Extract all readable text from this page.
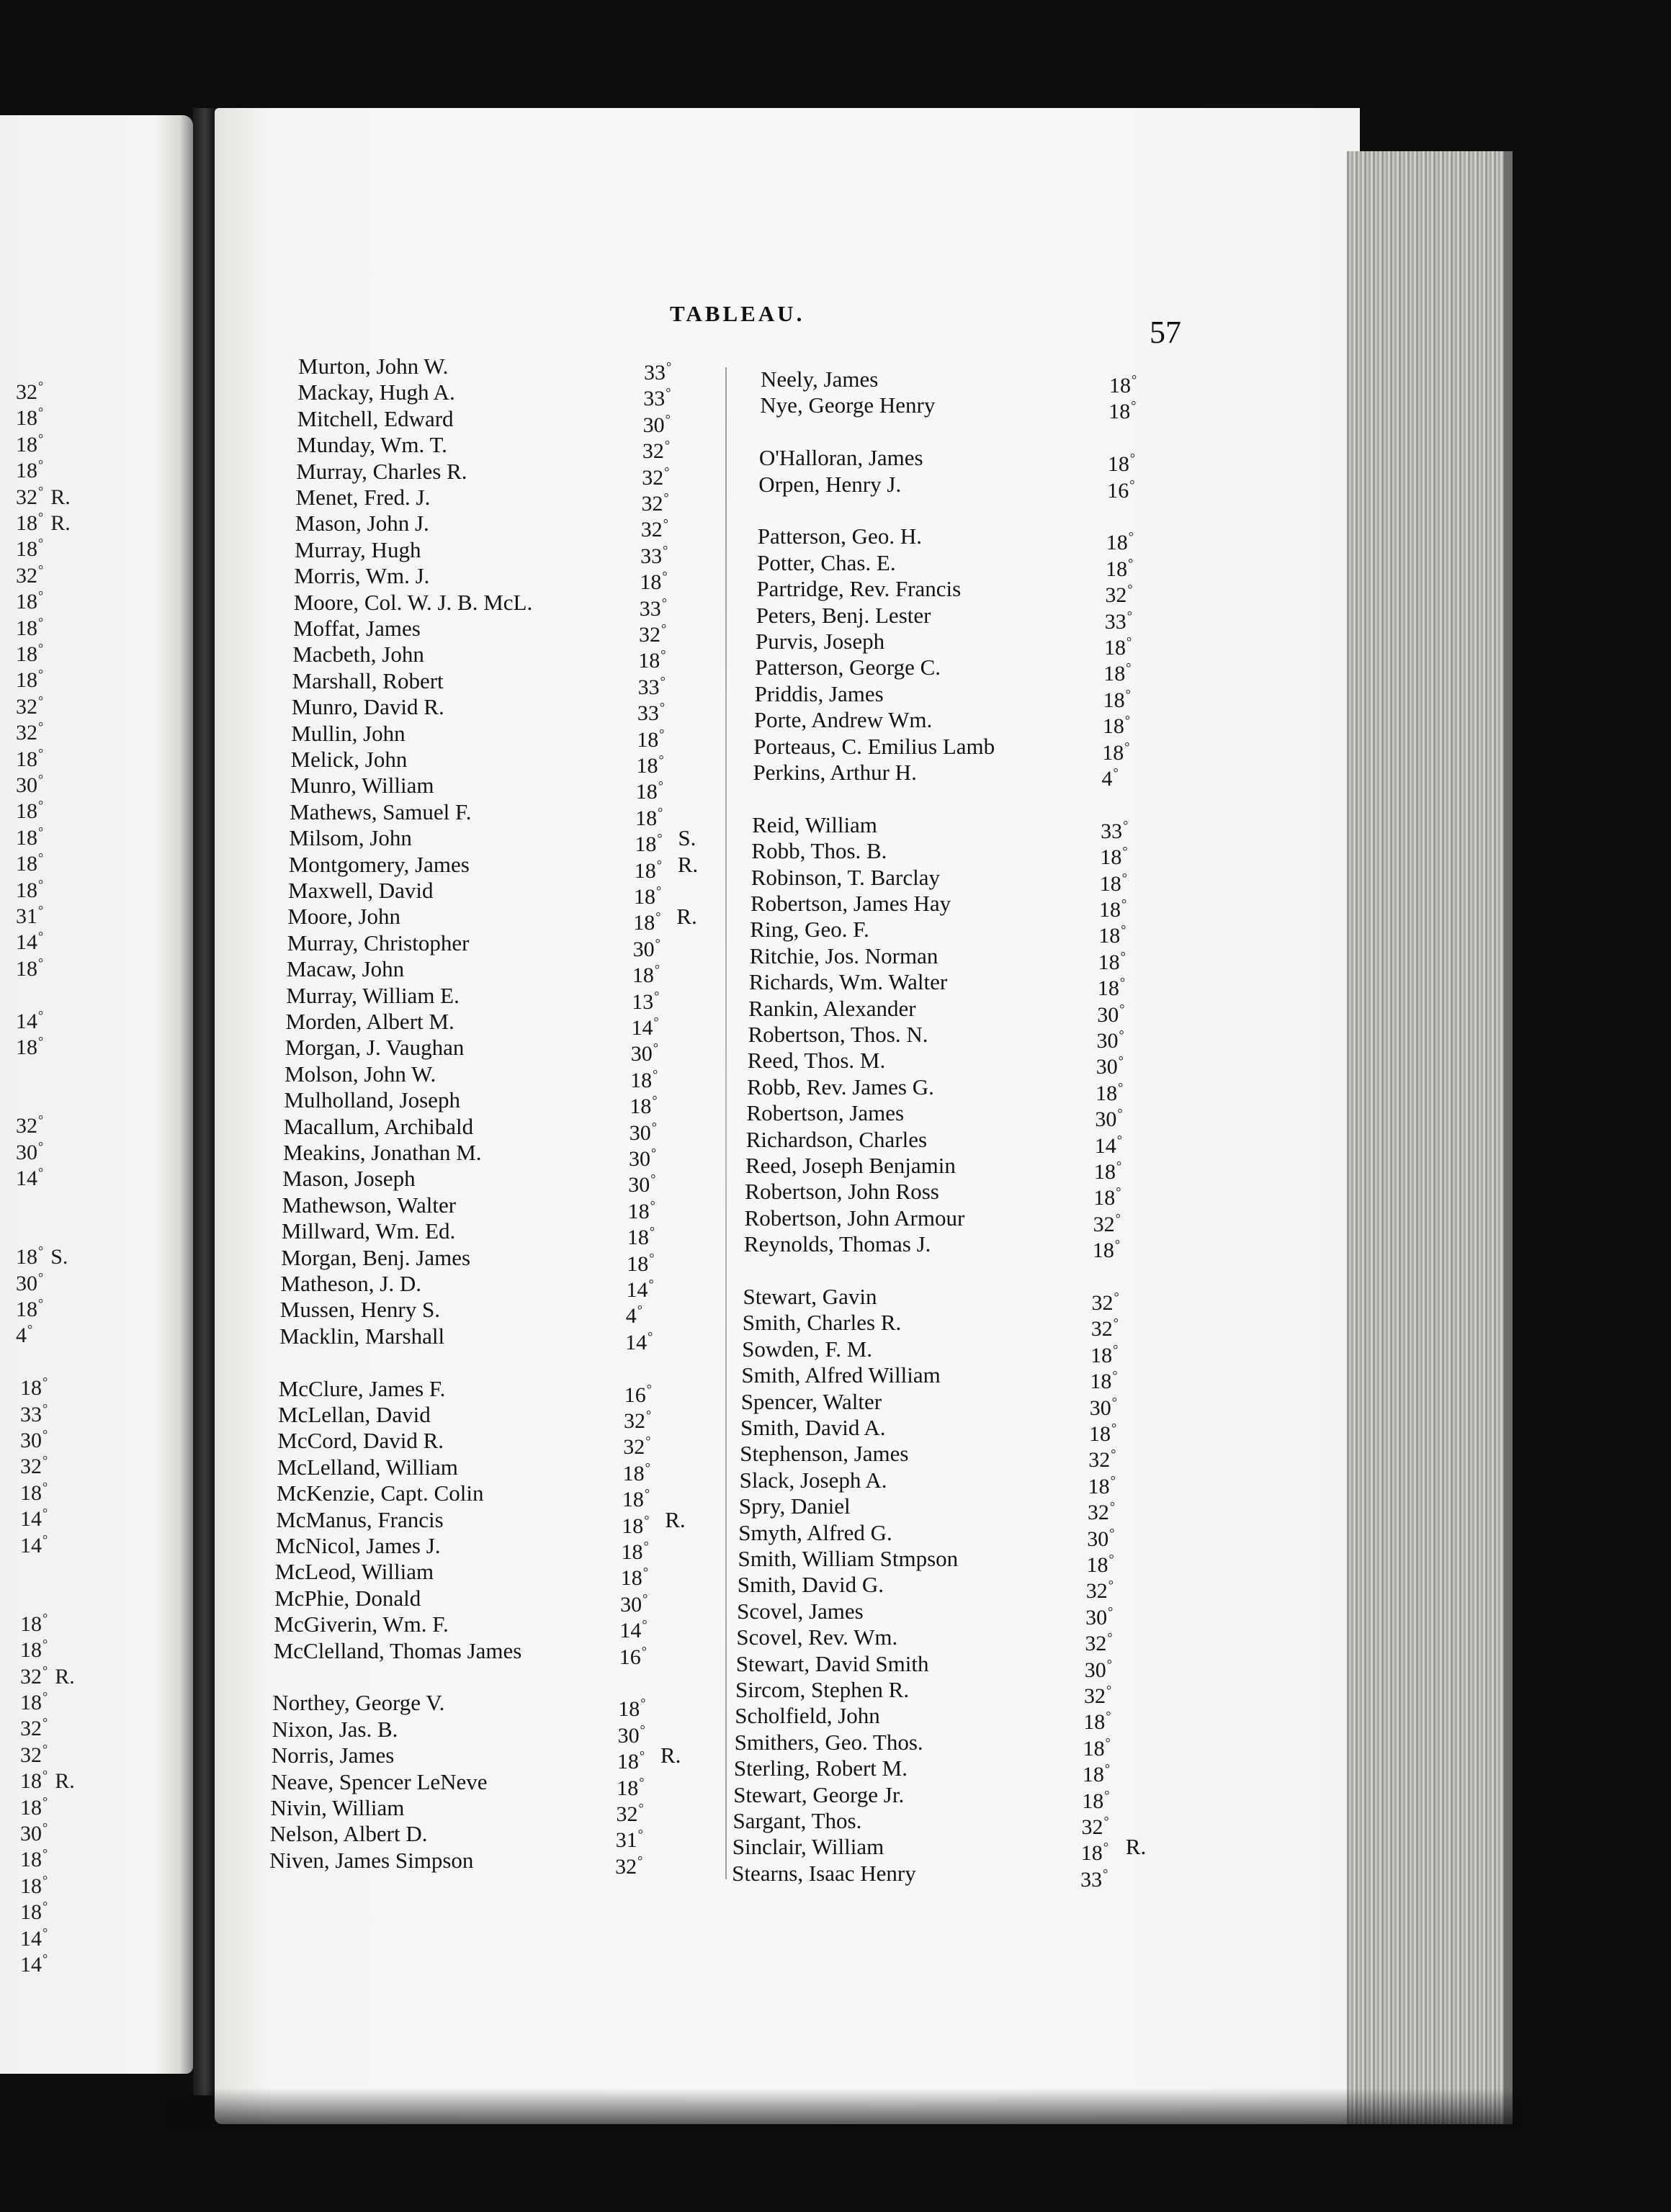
32°
18°
18°
18°
32° R.
18° R.
18°
32°
18°
18°
18°
18°
32°
32°
18°
30°
18°
18°
18°
18°
31°
14°
18°
14°
18°
32°
30°
14°
18° S.
30°
18°
4°
18°
33°
30°
32°
18°
14°
14°
18°
18°
32° R.
18°
32°
32°
18° R.
18°
30°
18°
18°
18°
14°
14°
TABLEAU.
57
Murton, John W.	33°
Mackay, Hugh A.	33°
Mitchell, Edward	30°
Munday, Wm. T.	32°
Murray, Charles R.	32°
Menet, Fred. J.	32°
Mason, John J.	32°
Murray, Hugh	33°
Morris, Wm. J.	18°
Moore, Col. W. J. B. McL.	33°
Moffat, James	32°
Macbeth, John	18°
Marshall, Robert	33°
Munro, David R.	33°
Mullin, John	18°
Melick, John	18°
Munro, William	18°
Mathews, Samuel F.	18°
Milsom, John	18° S.
Montgomery, James	18° R.
Maxwell, David	18°
Moore, John	18° R.
Murray, Christopher	30°
Macaw, John	18°
Murray, William E.	13°
Morden, Albert M.	14°
Morgan, J. Vaughan	30°
Molson, John W.	18°
Mulholland, Joseph	18°
Macallum, Archibald	30°
Meakins, Jonathan M.	30°
Mason, Joseph	30°
Mathewson, Walter	18°
Millward, Wm. Ed.	18°
Morgan, Benj. James	18°
Matheson, J. D.	14°
Mussen, Henry S.	4°
Macklin, Marshall	14°
McClure, James F.	16°
McLellan, David	32°
McCord, David R.	32°
McLelland, William	18°
McKenzie, Capt. Colin	18°
McManus, Francis	18° R.
McNicol, James J.	18°
McLeod, William	18°
McPhie, Donald	30°
McGiverin, Wm. F.	14°
McClelland, Thomas James	16°
Northey, George V.	18°
Nixon, Jas. B.	30°
Norris, James	18° R.
Neave, Spencer LeNeve	18°
Nivin, William	32°
Nelson, Albert D.	31°
Niven, James Simpson	32°
Neely, James	18°
Nye, George Henry	18°
O'Halloran, James	18°
Orpen, Henry J.	16°
Patterson, Geo. H.	18°
Potter, Chas. E.	18°
Partridge, Rev. Francis	32°
Peters, Benj. Lester	33°
Purvis, Joseph	18°
Patterson, George C.	18°
Priddis, James	18°
Porte, Andrew Wm.	18°
Porteaus, C. Emilius Lamb	18°
Perkins, Arthur H.	4°
Reid, William	33°
Robb, Thos. B.	18°
Robinson, T. Barclay	18°
Robertson, James Hay	18°
Ring, Geo. F.	18°
Ritchie, Jos. Norman	18°
Richards, Wm. Walter	18°
Rankin, Alexander	30°
Robertson, Thos. N.	30°
Reed, Thos. M.	30°
Robb, Rev. James G.	18°
Robertson, James	30°
Richardson, Charles	14°
Reed, Joseph Benjamin	18°
Robertson, John Ross	18°
Robertson, John Armour	32°
Reynolds, Thomas J.	18°
Stewart, Gavin	32°
Smith, Charles R.	32°
Sowden, F. M.	18°
Smith, Alfred William	18°
Spencer, Walter	30°
Smith, David A.	18°
Stephenson, James	32°
Slack, Joseph A.	18°
Spry, Daniel	32°
Smyth, Alfred G.	30°
Smith, William Stmpson	18°
Smith, David G.	32°
Scovel, James	30°
Scovel, Rev. Wm.	32°
Stewart, David Smith	30°
Sircom, Stephen R.	32°
Scholfield, John	18°
Smithers, Geo. Thos.	18°
Sterling, Robert M.	18°
Stewart, George Jr.	18°
Sargant, Thos.	32°
Sinclair, William	18° R.
Stearns, Isaac Henry	33°
